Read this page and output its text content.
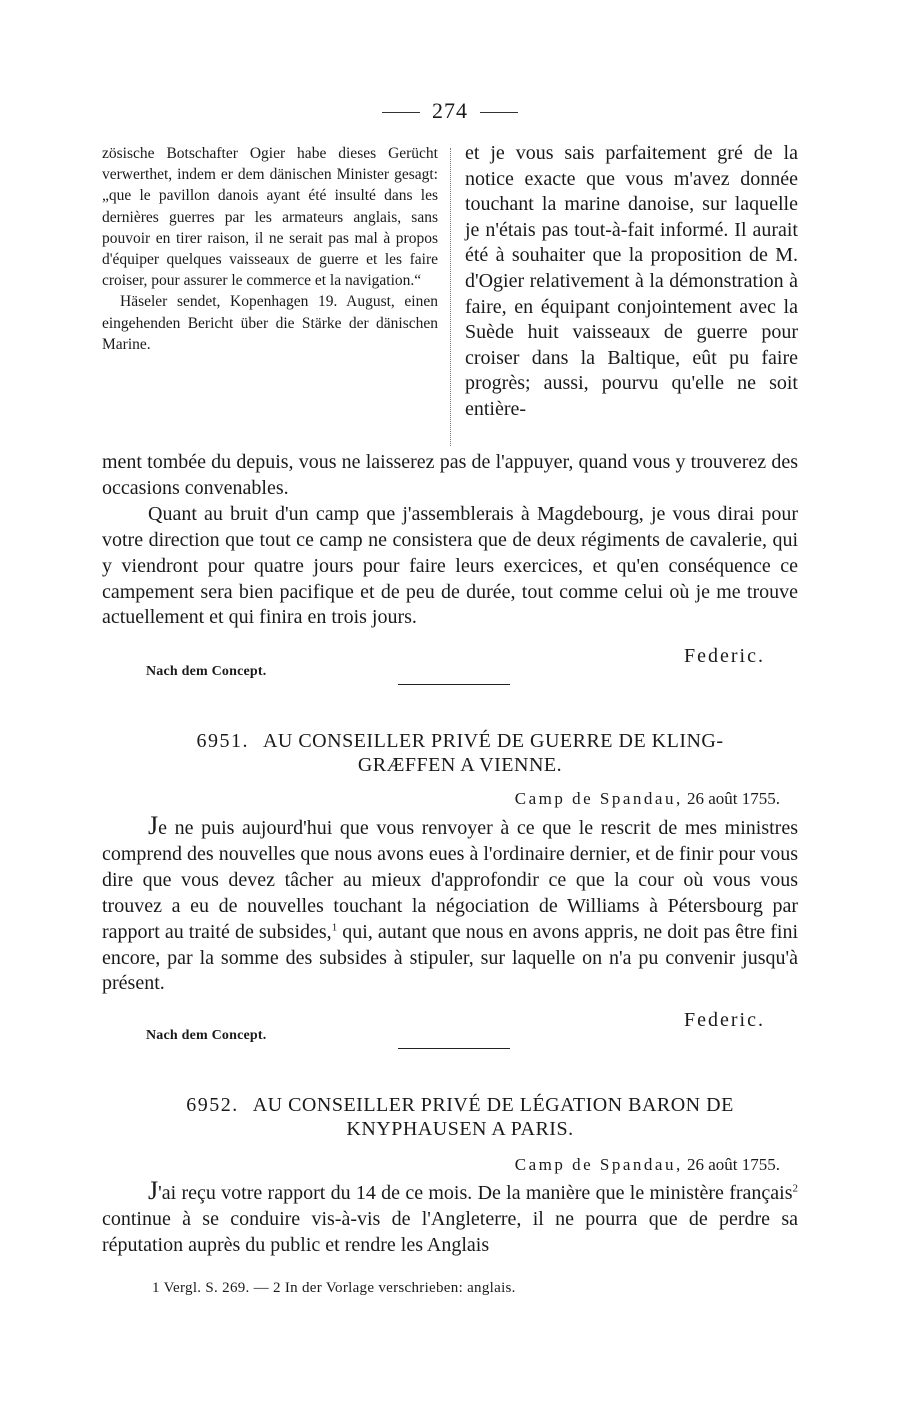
274

zösische Botschafter Ogier habe dieses Gerücht verwerthet, indem er dem dänischen Minister gesagt: „que le pavillon danois ayant été insulté dans les dernières guerres par les armateurs anglais, sans pouvoir en tirer raison, il ne serait pas mal à propos d'équiper quelques vaisseaux de guerre et les faire croiser, pour assurer le commerce et la navigation.“

Häseler sendet, Kopenhagen 19. August, einen eingehenden Bericht über die Stärke der dänischen Marine.

et je vous sais parfaitement gré de la notice exacte que vous m'avez donnée touchant la marine danoise, sur laquelle je n'étais pas tout-à-fait informé. Il aurait été à souhaiter que la proposition de M. d'Ogier relativement à la démonstration à faire, en équipant conjointement avec la Suède huit vaisseaux de guerre pour croiser dans la Baltique, eût pu faire progrès; aussi, pourvu qu'elle ne soit entière-

ment tombée du depuis, vous ne laisserez pas de l'appuyer, quand vous y trouverez des occasions convenables.

Quant au bruit d'un camp que j'assemblerais à Magdebourg, je vous dirai pour votre direction que tout ce camp ne consistera que de deux régiments de cavalerie, qui y viendront pour quatre jours pour faire leurs exercices, et qu'en conséquence ce campement sera bien pacifique et de peu de durée, tout comme celui où je me trouve actuellement et qui finira en trois jours.

Federic.
Nach dem Concept.
6951. AU CONSEILLER PRIVÉ DE GUERRE DE KLING-
GRÆFFEN A VIENNE.
Camp de Spandau, 26 août 1755.

Je ne puis aujourd'hui que vous renvoyer à ce que le rescrit de mes ministres comprend des nouvelles que nous avons eues à l'ordinaire dernier, et de finir pour vous dire que vous devez tâcher au mieux d'approfondir ce que la cour où vous vous trouvez a eu de nouvelles touchant la négociation de Williams à Pétersbourg par rapport au traité de subsides,$^1$ qui, autant que nous en avons appris, ne doit pas être fini encore, par la somme des subsides à stipuler, sur laquelle on n'a pu convenir jusqu'à présent.

Federic.
Nach dem Concept.
6952. AU CONSEILLER PRIVÉ DE LÉGATION BARON DE
KNYPHAUSEN A PARIS.
Camp de Spandau, 26 août 1755.

J'ai reçu votre rapport du 14 de ce mois. De la manière que le ministère français$^2$ continue à se conduire vis-à-vis de l'Angleterre, il ne pourra que de perdre sa réputation auprès du public et rendre les Anglais

1 Vergl. S. 269. — 2 In der Vorlage verschrieben: anglais.
